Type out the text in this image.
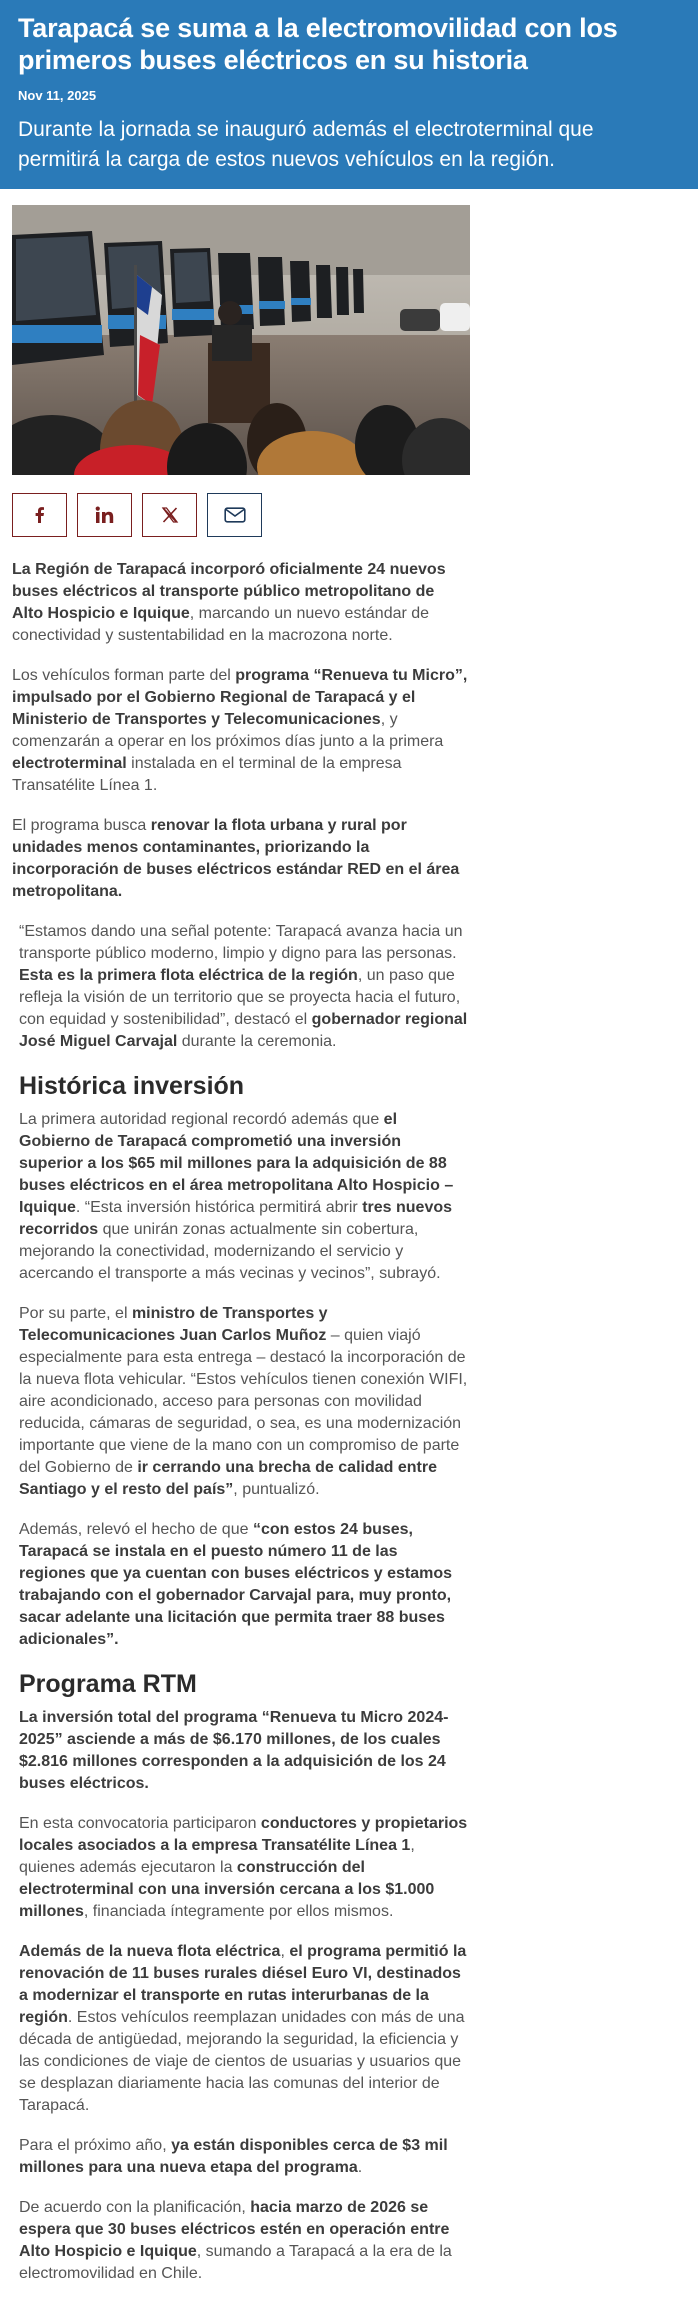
Tarapacá se suma a la electromovilidad con los primeros buses eléctricos en su historia
Nov 11, 2025
Durante la jornada se inauguró además el electroterminal que permitirá la carga de estos nuevos vehículos en la región.

La Región de Tarapacá incorporó oficialmente 24 nuevos buses eléctricos al transporte público metropolitano de Alto Hospicio e Iquique, marcando un nuevo estándar de conectividad y sustentabilidad en la macrozona norte.

Los vehículos forman parte del programa “Renueva tu Micro”, impulsado por el Gobierno Regional de Tarapacá y el Ministerio de Transportes y Telecomunicaciones, y comenzarán a operar en los próximos días junto a la primera electroterminal instalada en el terminal de la empresa Transatélite Línea 1.

El programa busca renovar la flota urbana y rural por unidades menos contaminantes, priorizando la incorporación de buses eléctricos estándar RED en el área metropolitana.

“Estamos dando una señal potente: Tarapacá avanza hacia un transporte público moderno, limpio y digno para las personas. Esta es la primera flota eléctrica de la región, un paso que refleja la visión de un territorio que se proyecta hacia el futuro, con equidad y sostenibilidad”, destacó el gobernador regional José Miguel Carvajal durante la ceremonia.

Histórica inversión

La primera autoridad regional recordó además que el Gobierno de Tarapacá comprometió una inversión superior a los $65 mil millones para la adquisición de 88 buses eléctricos en el área metropolitana Alto Hospicio – Iquique. “Esta inversión histórica permitirá abrir tres nuevos recorridos que unirán zonas actualmente sin cobertura, mejorando la conectividad, modernizando el servicio y acercando el transporte a más vecinas y vecinos”, subrayó.

Por su parte, el ministro de Transportes y Telecomunicaciones Juan Carlos Muñoz – quien viajó especialmente para esta entrega – destacó la incorporación de la nueva flota vehicular. “Estos vehículos tienen conexión WIFI, aire acondicionado, acceso para personas con movilidad reducida, cámaras de seguridad, o sea, es una modernización importante que viene de la mano con un compromiso de parte del Gobierno de ir cerrando una brecha de calidad entre Santiago y el resto del país”, puntualizó.

Además, relevó el hecho de que “con estos 24 buses, Tarapacá se instala en el puesto número 11 de las regiones que ya cuentan con buses eléctricos y estamos trabajando con el gobernador Carvajal para, muy pronto, sacar adelante una licitación que permita traer 88 buses adicionales”.

Programa RTM

La inversión total del programa “Renueva tu Micro 2024-2025” asciende a más de $6.170 millones, de los cuales $2.816 millones corresponden a la adquisición de los 24 buses eléctricos.

En esta convocatoria participaron conductores y propietarios locales asociados a la empresa Transatélite Línea 1, quienes además ejecutaron la construcción del electroterminal con una inversión cercana a los $1.000 millones, financiada íntegramente por ellos mismos.

Además de la nueva flota eléctrica, el programa permitió la renovación de 11 buses rurales diésel Euro VI, destinados a modernizar el transporte en rutas interurbanas de la región. Estos vehículos reemplazan unidades con más de una década de antigüedad, mejorando la seguridad, la eficiencia y las condiciones de viaje de cientos de usuarias y usuarios que se desplazan diariamente hacia las comunas del interior de Tarapacá.

Para el próximo año, ya están disponibles cerca de $3 mil millones para una nueva etapa del programa.

De acuerdo con la planificación, hacia marzo de 2026 se espera que 30 buses eléctricos estén en operación entre Alto Hospicio e Iquique, sumando a Tarapacá a la era de la electromovilidad en Chile.
